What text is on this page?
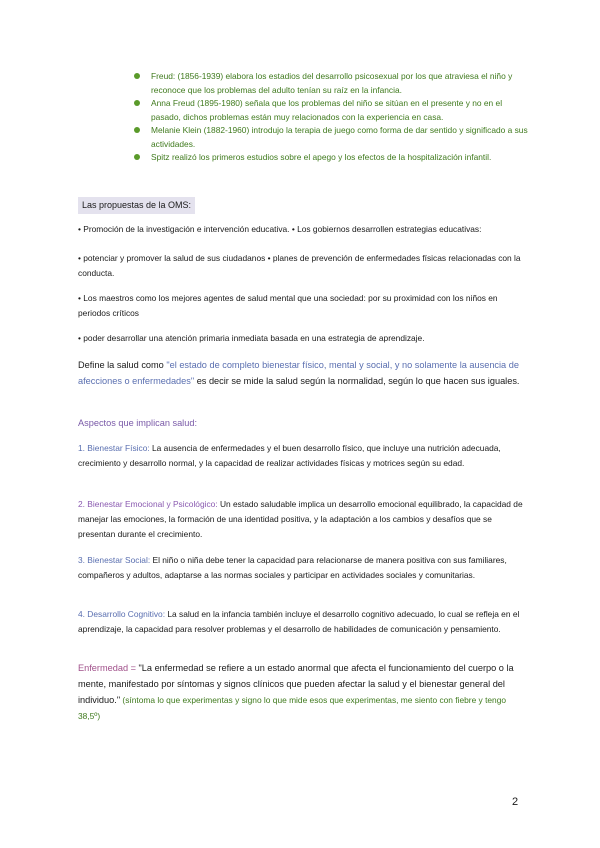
Freud: (1856-1939) elabora los estadios del desarrollo psicosexual por los que atraviesa el niño y reconoce que los problemas del adulto tenían su raíz en la infancia.
Anna Freud (1895-1980) señala que los problemas del niño se sitúan en el presente y no en el pasado, dichos problemas están muy relacionados con la experiencia en casa.
Melanie Klein (1882-1960) introdujo la terapia de juego como forma de dar sentido y significado a sus actividades.
Spitz realizó los primeros estudios sobre el apego y los efectos de la hospitalización infantil.
Las propuestas de la OMS:

• Promoción de la investigación e intervención educativa. • Los gobiernos desarrollen estrategias educativas:

• potenciar y promover la salud de sus ciudadanos • planes de prevención de enfermedades físicas relacionadas con la conducta.

• Los maestros como los mejores agentes de salud mental que una sociedad: por su proximidad con los niños en periodos críticos

• poder desarrollar una atención primaria inmediata basada en una estrategia de aprendizaje.

Define la salud como "el estado de completo bienestar físico, mental y social, y no solamente la ausencia de afecciones o enfermedades" es decir se mide la salud según la normalidad, según lo que hacen sus iguales.

Aspectos que implican salud:

1. Bienestar Físico: La ausencia de enfermedades y el buen desarrollo físico, que incluye una nutrición adecuada, crecimiento y desarrollo normal, y la capacidad de realizar actividades físicas y motrices según su edad.

2. Bienestar Emocional y Psicológico: Un estado saludable implica un desarrollo emocional equilibrado, la capacidad de manejar las emociones, la formación de una identidad positiva, y la adaptación a los cambios y desafíos que se presentan durante el crecimiento.

3. Bienestar Social: El niño o niña debe tener la capacidad para relacionarse de manera positiva con sus familiares, compañeros y adultos, adaptarse a las normas sociales y participar en actividades sociales y comunitarias.

4. Desarrollo Cognitivo: La salud en la infancia también incluye el desarrollo cognitivo adecuado, lo cual se refleja en el aprendizaje, la capacidad para resolver problemas y el desarrollo de habilidades de comunicación y pensamiento.

Enfermedad = "La enfermedad se refiere a un estado anormal que afecta el funcionamiento del cuerpo o la mente, manifestado por síntomas y signos clínicos que pueden afectar la salud y el bienestar general del individuo." (síntoma lo que experimentas y signo lo que mide esos que experimentas, me siento con fiebre y tengo 38,5º)

2
